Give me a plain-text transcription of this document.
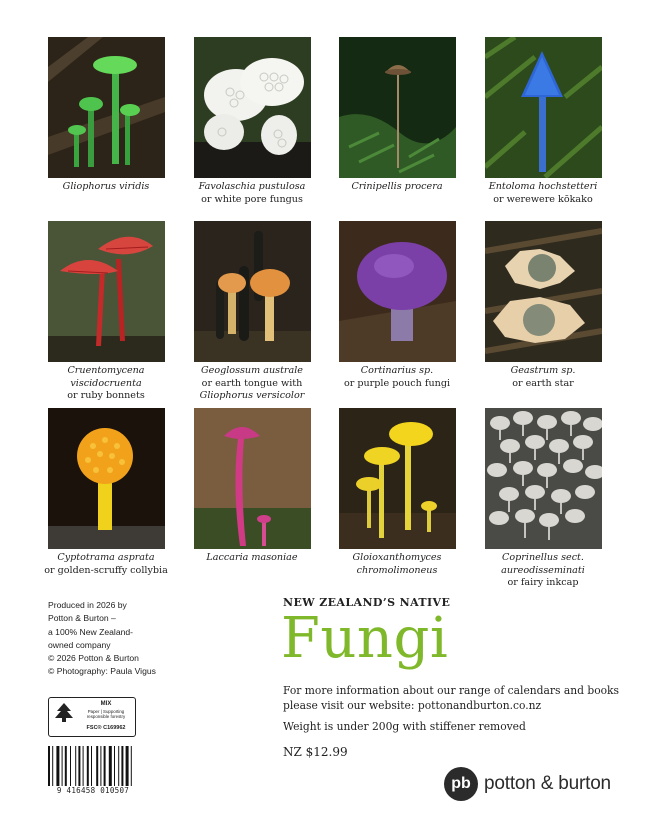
Gliophorus viridis	Favolaschia pustulosa
or white pore fungus
Crinipellis procera	Entoloma hochstetteri
or werewere kōkako
Cruentomycena
viscidocruenta
or ruby bonnets
Geoglossum australe
or earth tongue with
Gliophorus versicolor
Cortinarius sp.
or purple pouch fungi
Geastrum sp.
or earth star
Cyptotrama asprata
or golden-scruffy collybia
Laccaria masoniae	Gloioxanthomyces
chromolimoneus
Coprinellus sect.
aureodisseminati
or fairy inkcap
Produced in 2026 by
Potton & Burton –
a 100% New Zealand-
owned company
© 2026 Potton & Burton
© Photography: Paula Vigus
MIX
Paper | Supporting
responsible forestry
FSC® C169962
9 416458 010507
NEW ZEALAND’S NATIVE
Fungi
For more information about our range of calendars and books
please visit our website: pottonandburton.co.nz
Weight is under 200g with stiffener removed
NZ $12.99
pb potton & burton
